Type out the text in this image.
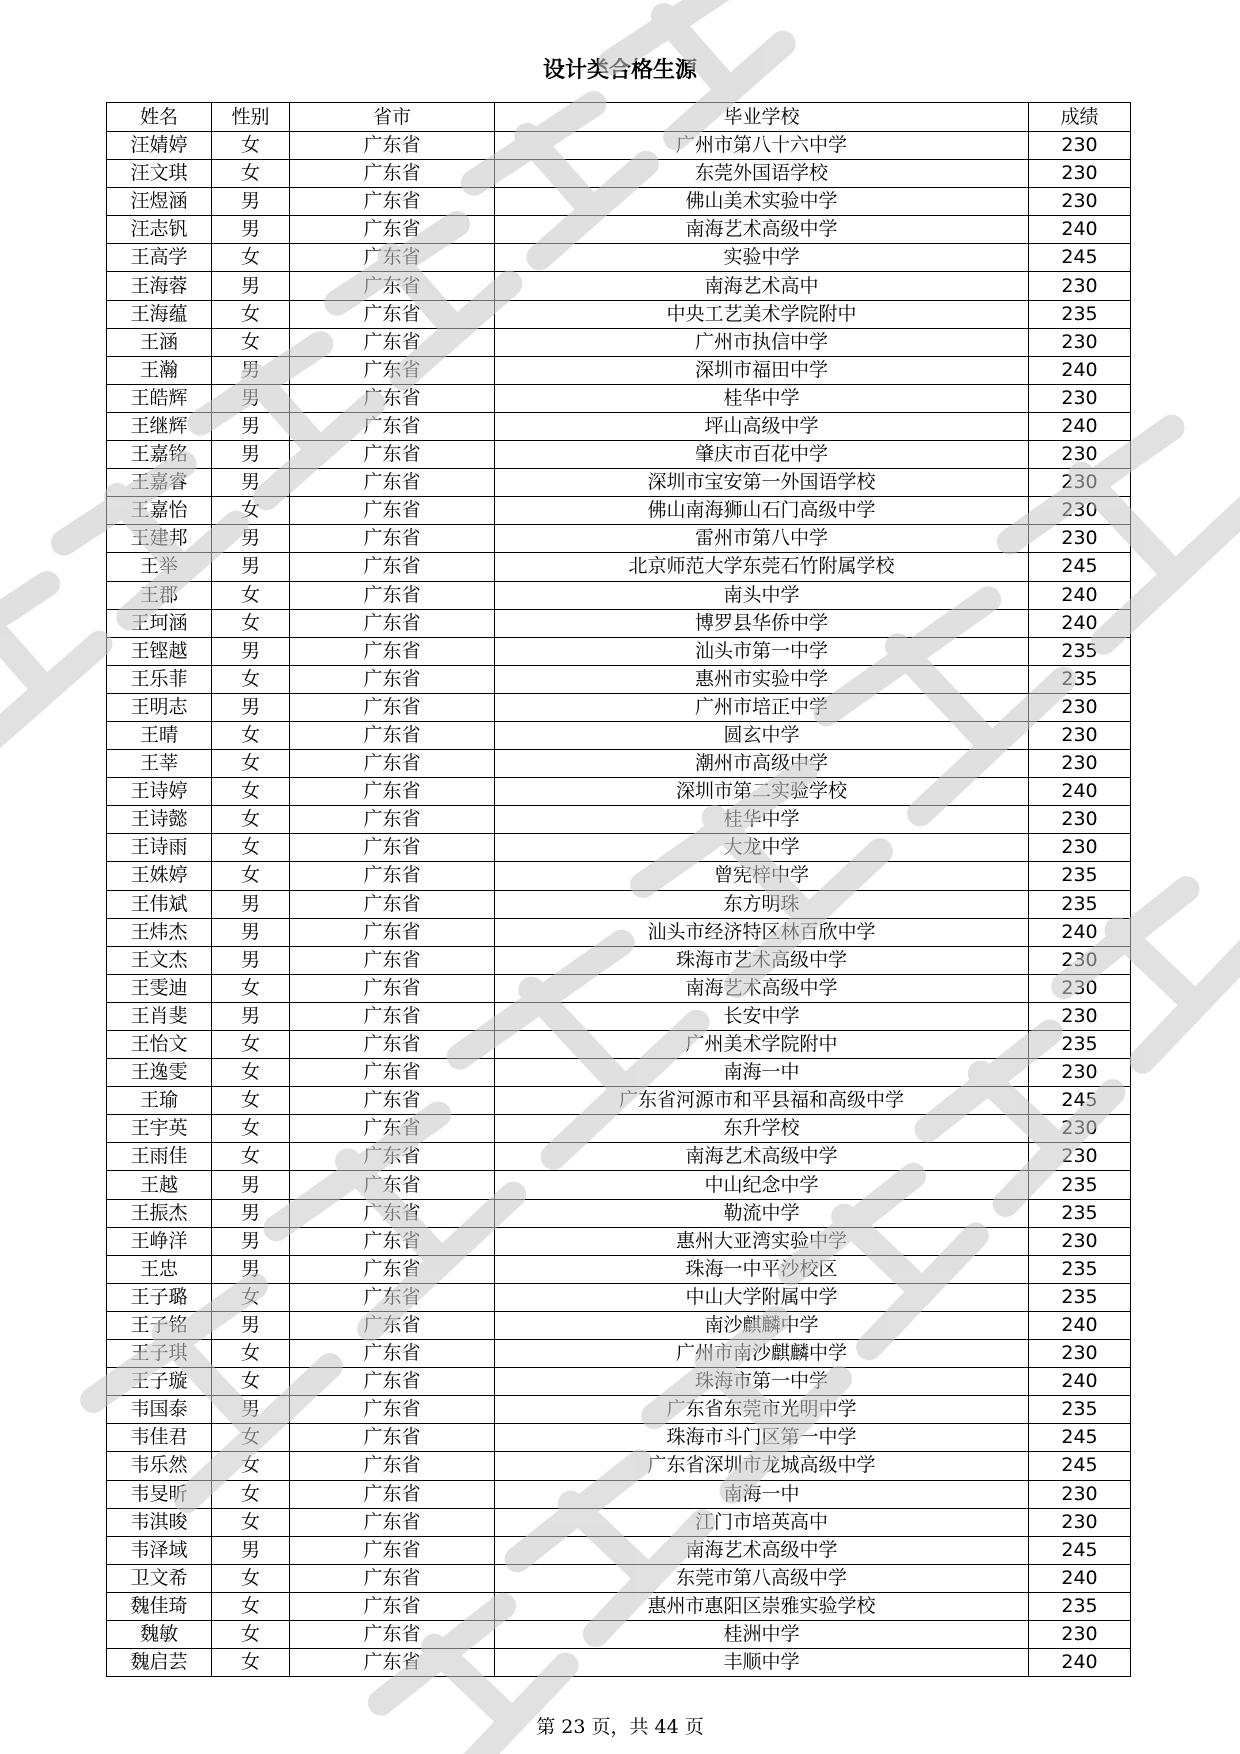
设计类合格生源
姓名	性别	省市	毕业学校	成绩
汪婧婷	女	广东省	广州市第八十六中学	230
汪文琪	女	广东省	东莞外国语学校	230
汪煜涵	男	广东省	佛山美术实验中学	230
汪志钒	男	广东省	南海艺术高级中学	240
王高学	女	广东省	实验中学	245
王海蓉	男	广东省	南海艺术高中	230
王海蕴	女	广东省	中央工艺美术学院附中	235
王涵	女	广东省	广州市执信中学	230
王瀚	男	广东省	深圳市福田中学	240
王皓辉	男	广东省	桂华中学	230
王继辉	男	广东省	坪山高级中学	240
王嘉铭	男	广东省	肇庆市百花中学	230
王嘉睿	男	广东省	深圳市宝安第一外国语学校	230
王嘉怡	女	广东省	佛山南海狮山石门高级中学	230
王建邦	男	广东省	雷州市第八中学	230
王举	男	广东省	北京师范大学东莞石竹附属学校	245
王郡	女	广东省	南头中学	240
王珂涵	女	广东省	博罗县华侨中学	240
王铿越	男	广东省	汕头市第一中学	235
王乐菲	女	广东省	惠州市实验中学	235
王明志	男	广东省	广州市培正中学	230
王晴	女	广东省	圆玄中学	230
王莘	女	广东省	潮州市高级中学	230
王诗婷	女	广东省	深圳市第二实验学校	240
王诗懿	女	广东省	桂华中学	230
王诗雨	女	广东省	大龙中学	230
王姝婷	女	广东省	曾宪梓中学	235
王伟斌	男	广东省	东方明珠	235
王炜杰	男	广东省	汕头市经济特区林百欣中学	240
王文杰	男	广东省	珠海市艺术高级中学	230
王雯迪	女	广东省	南海艺术高级中学	230
王肖斐	男	广东省	长安中学	230
王怡文	女	广东省	广州美术学院附中	235
王逸雯	女	广东省	南海一中	230
王瑜	女	广东省	广东省河源市和平县福和高级中学	245
王宇英	女	广东省	东升学校	230
王雨佳	女	广东省	南海艺术高级中学	230
王越	男	广东省	中山纪念中学	235
王振杰	男	广东省	勒流中学	235
王峥洋	男	广东省	惠州大亚湾实验中学	230
王忠	男	广东省	珠海一中平沙校区	235
王子璐	女	广东省	中山大学附属中学	235
王子铭	男	广东省	南沙麒麟中学	240
王子琪	女	广东省	广州市南沙麒麟中学	230
王子璇	女	广东省	珠海市第一中学	240
韦国泰	男	广东省	广东省东莞市光明中学	235
韦佳君	女	广东省	珠海市斗门区第一中学	245
韦乐然	女	广东省	广东省深圳市龙城高级中学	245
韦旻昕	女	广东省	南海一中	230
韦淇晙	女	广东省	江门市培英高中	230
韦泽域	男	广东省	南海艺术高级中学	245
卫文希	女	广东省	东莞市第八高级中学	240
魏佳琦	女	广东省	惠州市惠阳区崇雅实验学校	235
魏敏	女	广东省	桂洲中学	230
魏启芸	女	广东省	丰顺中学	240
第 23 页，共 44 页
